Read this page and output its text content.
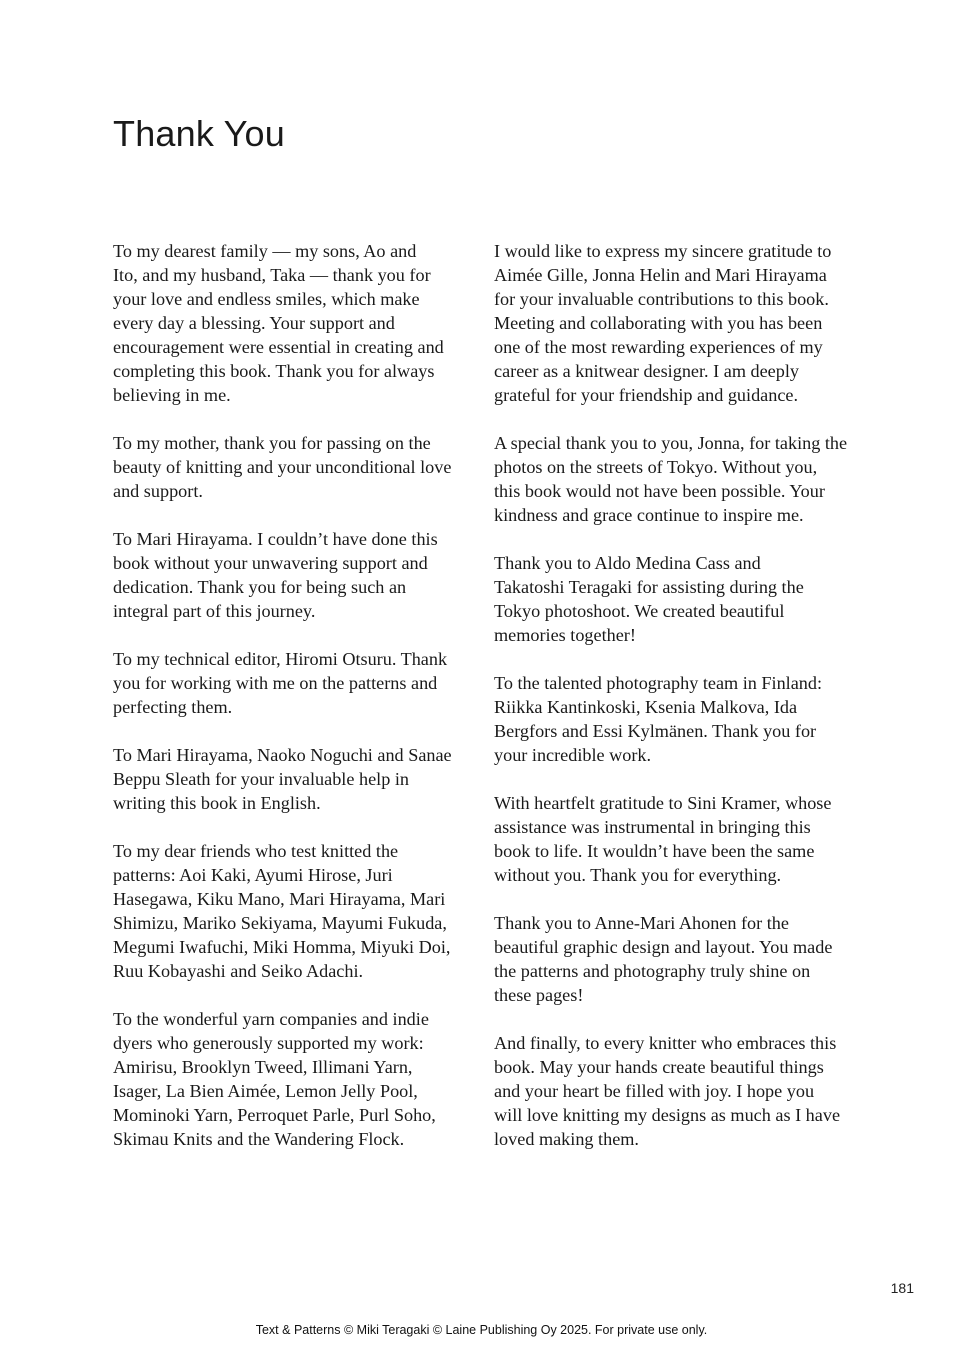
Thank You

To my dearest family — my sons, Ao and
Ito, and my husband, Taka — thank you for
your love and endless smiles, which make
every day a blessing. Your support and
encouragement were essential in creating and
completing this book. Thank you for always
believing in me.

To my mother, thank you for passing on the
beauty of knitting and your unconditional love
and support.

To Mari Hirayama. I couldn’t have done this
book without your unwavering support and
dedication. Thank you for being such an
integral part of this journey.

To my technical editor, Hiromi Otsuru. Thank
you for working with me on the patterns and
perfecting them.

To Mari Hirayama, Naoko Noguchi and Sanae
Beppu Sleath for your invaluable help in
writing this book in English.

To my dear friends who test knitted the
patterns: Aoi Kaki, Ayumi Hirose, Juri
Hasegawa, Kiku Mano, Mari Hirayama, Mari
Shimizu, Mariko Sekiyama, Mayumi Fukuda,
Megumi Iwafuchi, Miki Homma, Miyuki Doi,
Ruu Kobayashi and Seiko Adachi.

To the wonderful yarn companies and indie
dyers who generously supported my work:
Amirisu, Brooklyn Tweed, Illimani Yarn,
Isager, La Bien Aimée, Lemon Jelly Pool,
Mominoki Yarn, Perroquet Parle, Purl Soho,
Skimau Knits and the Wandering Flock.

I would like to express my sincere gratitude to
Aimée Gille, Jonna Helin and Mari Hirayama
for your invaluable contributions to this book.
Meeting and collaborating with you has been
one of the most rewarding experiences of my
career as a knitwear designer. I am deeply
grateful for your friendship and guidance.

A special thank you to you, Jonna, for taking the
photos on the streets of Tokyo. Without you,
this book would not have been possible. Your
kindness and grace continue to inspire me.

Thank you to Aldo Medina Cass and
Takatoshi Teragaki for assisting during the
Tokyo photoshoot. We created beautiful
memories together!

To the talented photography team in Finland:
Riikka Kantinkoski, Ksenia Malkova, Ida
Bergfors and Essi Kylmänen. Thank you for
your incredible work.

With heartfelt gratitude to Sini Kramer, whose
assistance was instrumental in bringing this
book to life. It wouldn’t have been the same
without you. Thank you for everything.

Thank you to Anne-Mari Ahonen for the
beautiful graphic design and layout. You made
the patterns and photography truly shine on
these pages!

And finally, to every knitter who embraces this
book. May your hands create beautiful things
and your heart be filled with joy. I hope you
will love knitting my designs as much as I have
loved making them.

181
Text & Patterns © Miki Teragaki © Laine Publishing Oy 2025. For private use only.
